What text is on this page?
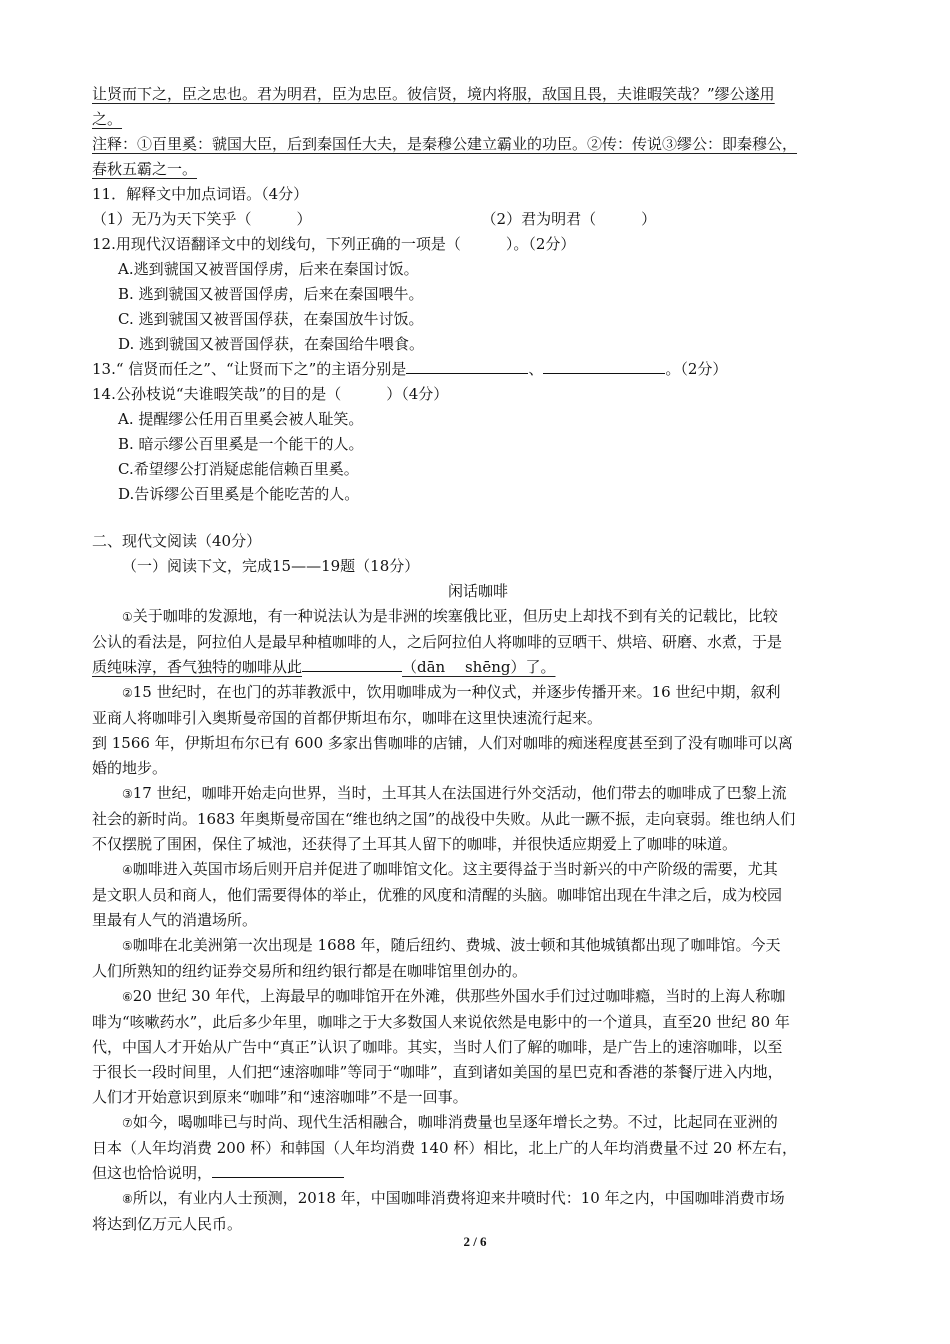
让贤而下之，臣之忠也。君为明君，臣为忠臣。彼信贤，境内将服，敌国且畏，夫谁暇笑哉？”缪公遂用
之。
注释：①百里奚：虢国大臣，后到秦国任大夫，是秦穆公建立霸业的功臣。②传：传说③缪公：即秦穆公，
春秋五霸之一。
11．解释文中加点词语。（4分）
（1）无乃为天下笑乎（　　　）	（2）君为明君（　　　）
12.用现代汉语翻译文中的划线句，下列正确的一项是（　　　）。（2分）
A.逃到虢国又被晋国俘虏，后来在秦国讨饭。
B. 逃到虢国又被晋国俘虏，后来在秦国喂牛。
C. 逃到虢国又被晋国俘获，在秦国放牛讨饭。
D. 逃到虢国又被晋国俘获，在秦国给牛喂食。
13.“ 信贤而任之”、“让贤而下之”的主语分别是	、	。（2分）
14.公孙枝说“夫谁暇笑哉”的目的是（　　　）（4分）
A. 提醒缪公任用百里奚会被人耻笑。
B. 暗示缪公百里奚是一个能干的人。
C.希望缪公打消疑虑能信赖百里奚。
D.告诉缪公百里奚是个能吃苦的人。
二、现代文阅读（40分）
（一）阅读下文，完成15——19题（18分）
闲话咖啡
①关于咖啡的发源地，有一种说法认为是非洲的埃塞俄比亚，但历史上却找不到有关的记载比，比较
公认的看法是，阿拉伯人是最早种植咖啡的人，之后阿拉伯人将咖啡的豆晒干、烘培、研磨、水煮，于是
质纯味淳，香气独特的咖啡从此	（dān　 shēng）了。
②15 世纪时，在也门的苏菲教派中，饮用咖啡成为一种仪式，并逐步传播开来。16 世纪中期，叙利
亚商人将咖啡引入奥斯曼帝国的首都伊斯坦布尔，咖啡在这里快速流行起来。
到 1566 年，伊斯坦布尔已有 600 多家出售咖啡的店铺，人们对咖啡的痴迷程度甚至到了没有咖啡可以离
婚的地步。
③17 世纪，咖啡开始走向世界，当时，土耳其人在法国进行外交活动，他们带去的咖啡成了巴黎上流
社会的新时尚。1683 年奥斯曼帝国在“维也纳之国”的战役中失败。从此一蹶不振，走向衰弱。维也纳人们
不仅摆脱了围困，保住了城池，还获得了土耳其人留下的咖啡，并很快适应期爱上了咖啡的味道。
④咖啡进入英国市场后则开启并促进了咖啡馆文化。这主要得益于当时新兴的中产阶级的需要，尤其
是文职人员和商人，他们需要得体的举止，优雅的风度和清醒的头脑。咖啡馆出现在牛津之后，成为校园
里最有人气的消遣场所。
⑤咖啡在北美洲第一次出现是 1688 年，随后纽约、费城、波士顿和其他城镇都出现了咖啡馆。今天
人们所熟知的纽约证券交易所和纽约银行都是在咖啡馆里创办的。
⑥20 世纪 30 年代，上海最早的咖啡馆开在外滩，供那些外国水手们过过咖啡瘾，当时的上海人称咖
啡为“咳嗽药水”，此后多少年里，咖啡之于大多数国人来说依然是电影中的一个道具，直至20 世纪 80 年
代，中国人才开始从广告中“真正”认识了咖啡。其实，当时人们了解的咖啡，是广告上的速溶咖啡，以至
于很长一段时间里，人们把“速溶咖啡”等同于“咖啡”，直到诸如美国的星巴克和香港的茶餐厅进入内地，
人们才开始意识到原来“咖啡”和“速溶咖啡”不是一回事。
⑦如今，喝咖啡已与时尚、现代生活相融合，咖啡消费量也呈逐年增长之势。不过，比起同在亚洲的
日本（人年均消费 200 杯）和韩国（人年均消费 140 杯）相比，北上广的人年均消费量不过 20 杯左右，
但这也恰恰说明，
⑧所以，有业内人士预测，2018 年，中国咖啡消费将迎来井喷时代：10 年之内，中国咖啡消费市场
将达到亿万元人民币。
2 / 6
